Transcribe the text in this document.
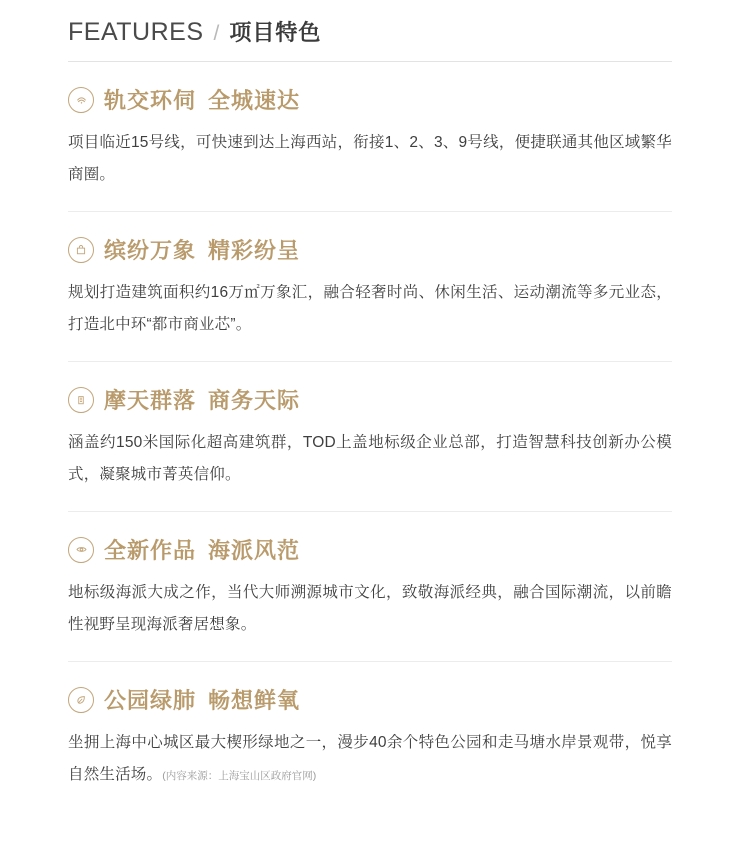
FEATURES / 项目特色
轨交环伺 全城速达

项目临近15号线，可快速到达上海西站，衔接1、2、3、9号线，便捷联通其他区域繁华商圈。

缤纷万象 精彩纷呈

规划打造建筑面积约16万㎡万象汇，融合轻奢时尚、休闲生活、运动潮流等多元业态，打造北中环“都市商业芯”。

摩天群落 商务天际

涵盖约150米国际化超高建筑群，TOD上盖地标级企业总部，打造智慧科技创新办公模式，凝聚城市菁英信仰。

全新作品 海派风范

地标级海派大成之作，当代大师溯源城市文化，致敬海派经典，融合国际潮流，以前瞻性视野呈现海派奢居想象。

公园绿肺 畅想鲜氧

坐拥上海中心城区最大楔形绿地之一，漫步40余个特色公园和走马塘水岸景观带，悦享自然生活场。(内容来源：上海宝山区政府官网)
